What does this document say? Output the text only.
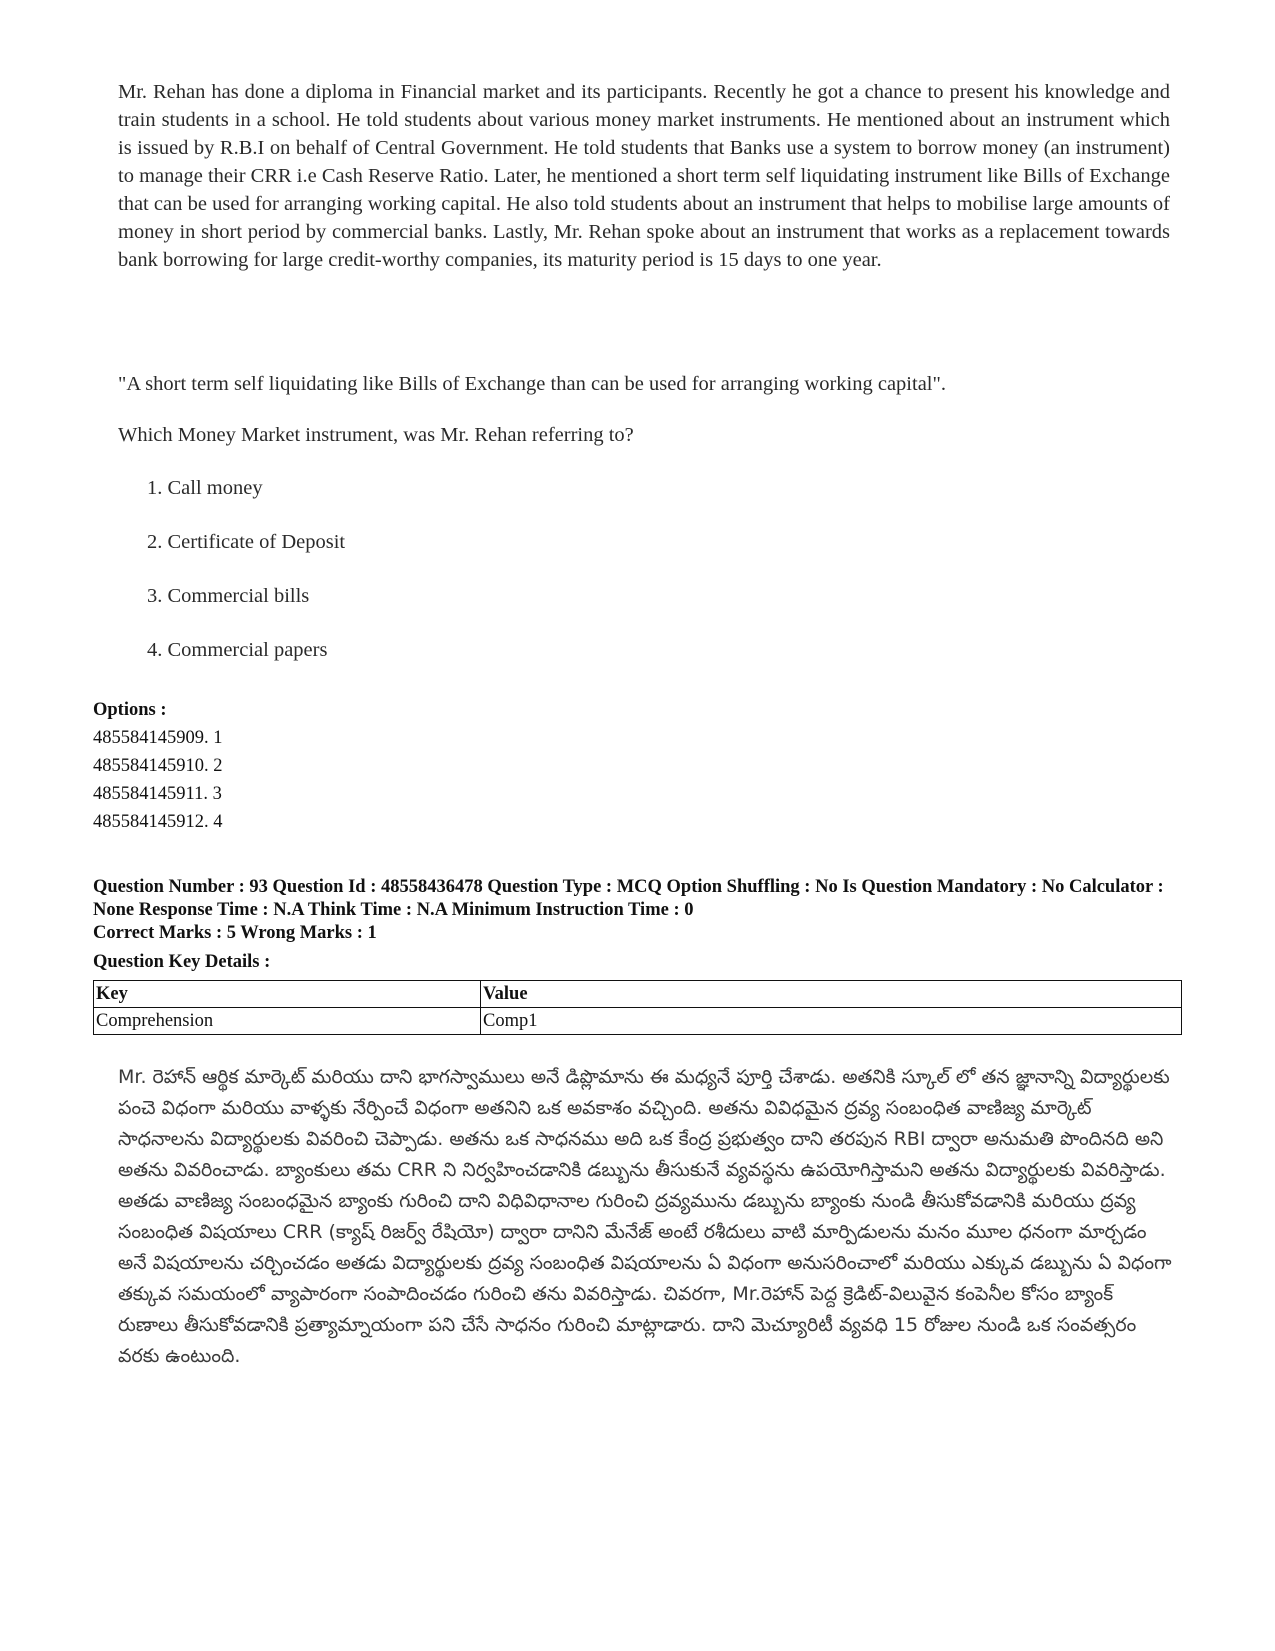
Mr. Rehan has done a diploma in Financial market and its participants. Recently he got a chance to present his knowledge and train students in a school. He told students about various money market instruments. He mentioned about an instrument which is issued by R.B.I on behalf of Central Government. He told students that Banks use a system to borrow money (an instrument) to manage their CRR i.e Cash Reserve Ratio. Later, he mentioned a short term self liquidating instrument like Bills of Exchange that can be used for arranging working capital. He also told students about an instrument that helps to mobilise large amounts of money in short period by commercial banks. Lastly, Mr. Rehan spoke about an instrument that works as a replacement towards bank borrowing for large credit-worthy companies, its maturity period is 15 days to one year.

"A short term self liquidating like Bills of Exchange than can be used for arranging working capital".

Which Money Market instrument, was Mr. Rehan referring to?

1. Call money
2. Certificate of Deposit
3. Commercial bills
4. Commercial papers
Options :
485584145909. 1
485584145910. 2
485584145911. 3
485584145912. 4
Question Number : 93 Question Id : 48558436478 Question Type : MCQ Option Shuffling : No Is Question Mandatory : No Calculator : None Response Time : N.A Think Time : N.A Minimum Instruction Time : 0
Correct Marks : 5 Wrong Marks : 1
Question Key Details :
Key	Value
Comprehension	Comp1

Mr. రెహాన్ ఆర్థిక మార్కెట్ మరియు దాని భాగస్వాములు అనే డిప్లొమాను ఈ మధ్యనే పూర్తి చేశాడు. అతనికి స్కూల్ లో తన జ్ఞానాన్ని విద్యార్థులకు పంచె విధంగా మరియు వాళ్ళకు నేర్పించే విధంగా అతనిని ఒక అవకాశం వచ్చింది. అతను వివిధమైన ద్రవ్య సంబంధిత వాణిజ్య మార్కెట్ సాధనాలను విద్యార్థులకు వివరించి చెప్పాడు. అతను ఒక సాధనము అది ఒక కేంద్ర ప్రభుత్వం దాని తరపున RBI ద్వారా అనుమతి పొందినది అని అతను వివరించాడు. బ్యాంకులు తమ CRR ని నిర్వహించడానికి డబ్బును తీసుకునే వ్యవస్థను ఉపయోగిస్తామని అతను విద్యార్థులకు వివరిస్తాడు. అతడు వాణిజ్య సంబంధమైన బ్యాంకు గురించి దాని విధివిధానాల గురించి ద్రవ్యమును డబ్బును బ్యాంకు నుండి తీసుకోవడానికి మరియు ద్రవ్య సంబంధిత విషయాలు CRR (క్యాష్ రిజర్వ్ రేషియో) ద్వారా దానిని మేనేజ్ అంటే రశీదులు వాటి మార్పిడులను మనం మూల ధనంగా మార్చడం అనే విషయాలను చర్చించడం అతడు విద్యార్థులకు ద్రవ్య సంబంధిత విషయాలను ఏ విధంగా అనుసరించాలో మరియు ఎక్కువ డబ్బును ఏ విధంగా తక్కువ సమయంలో వ్యాపారంగా సంపాదించడం గురించి తను వివరిస్తాడు. చివరగా, Mr.రెహాన్ పెద్ద క్రెడిట్-విలువైన కంపెనీల కోసం బ్యాంక్ రుణాలు తీసుకోవడానికి ప్రత్యామ్నాయంగా పని చేసే సాధనం గురించి మాట్లాడారు. దాని మెచ్యూరిటీ వ్యవధి 15 రోజుల నుండి ఒక సంవత్సరం వరకు ఉంటుంది.
